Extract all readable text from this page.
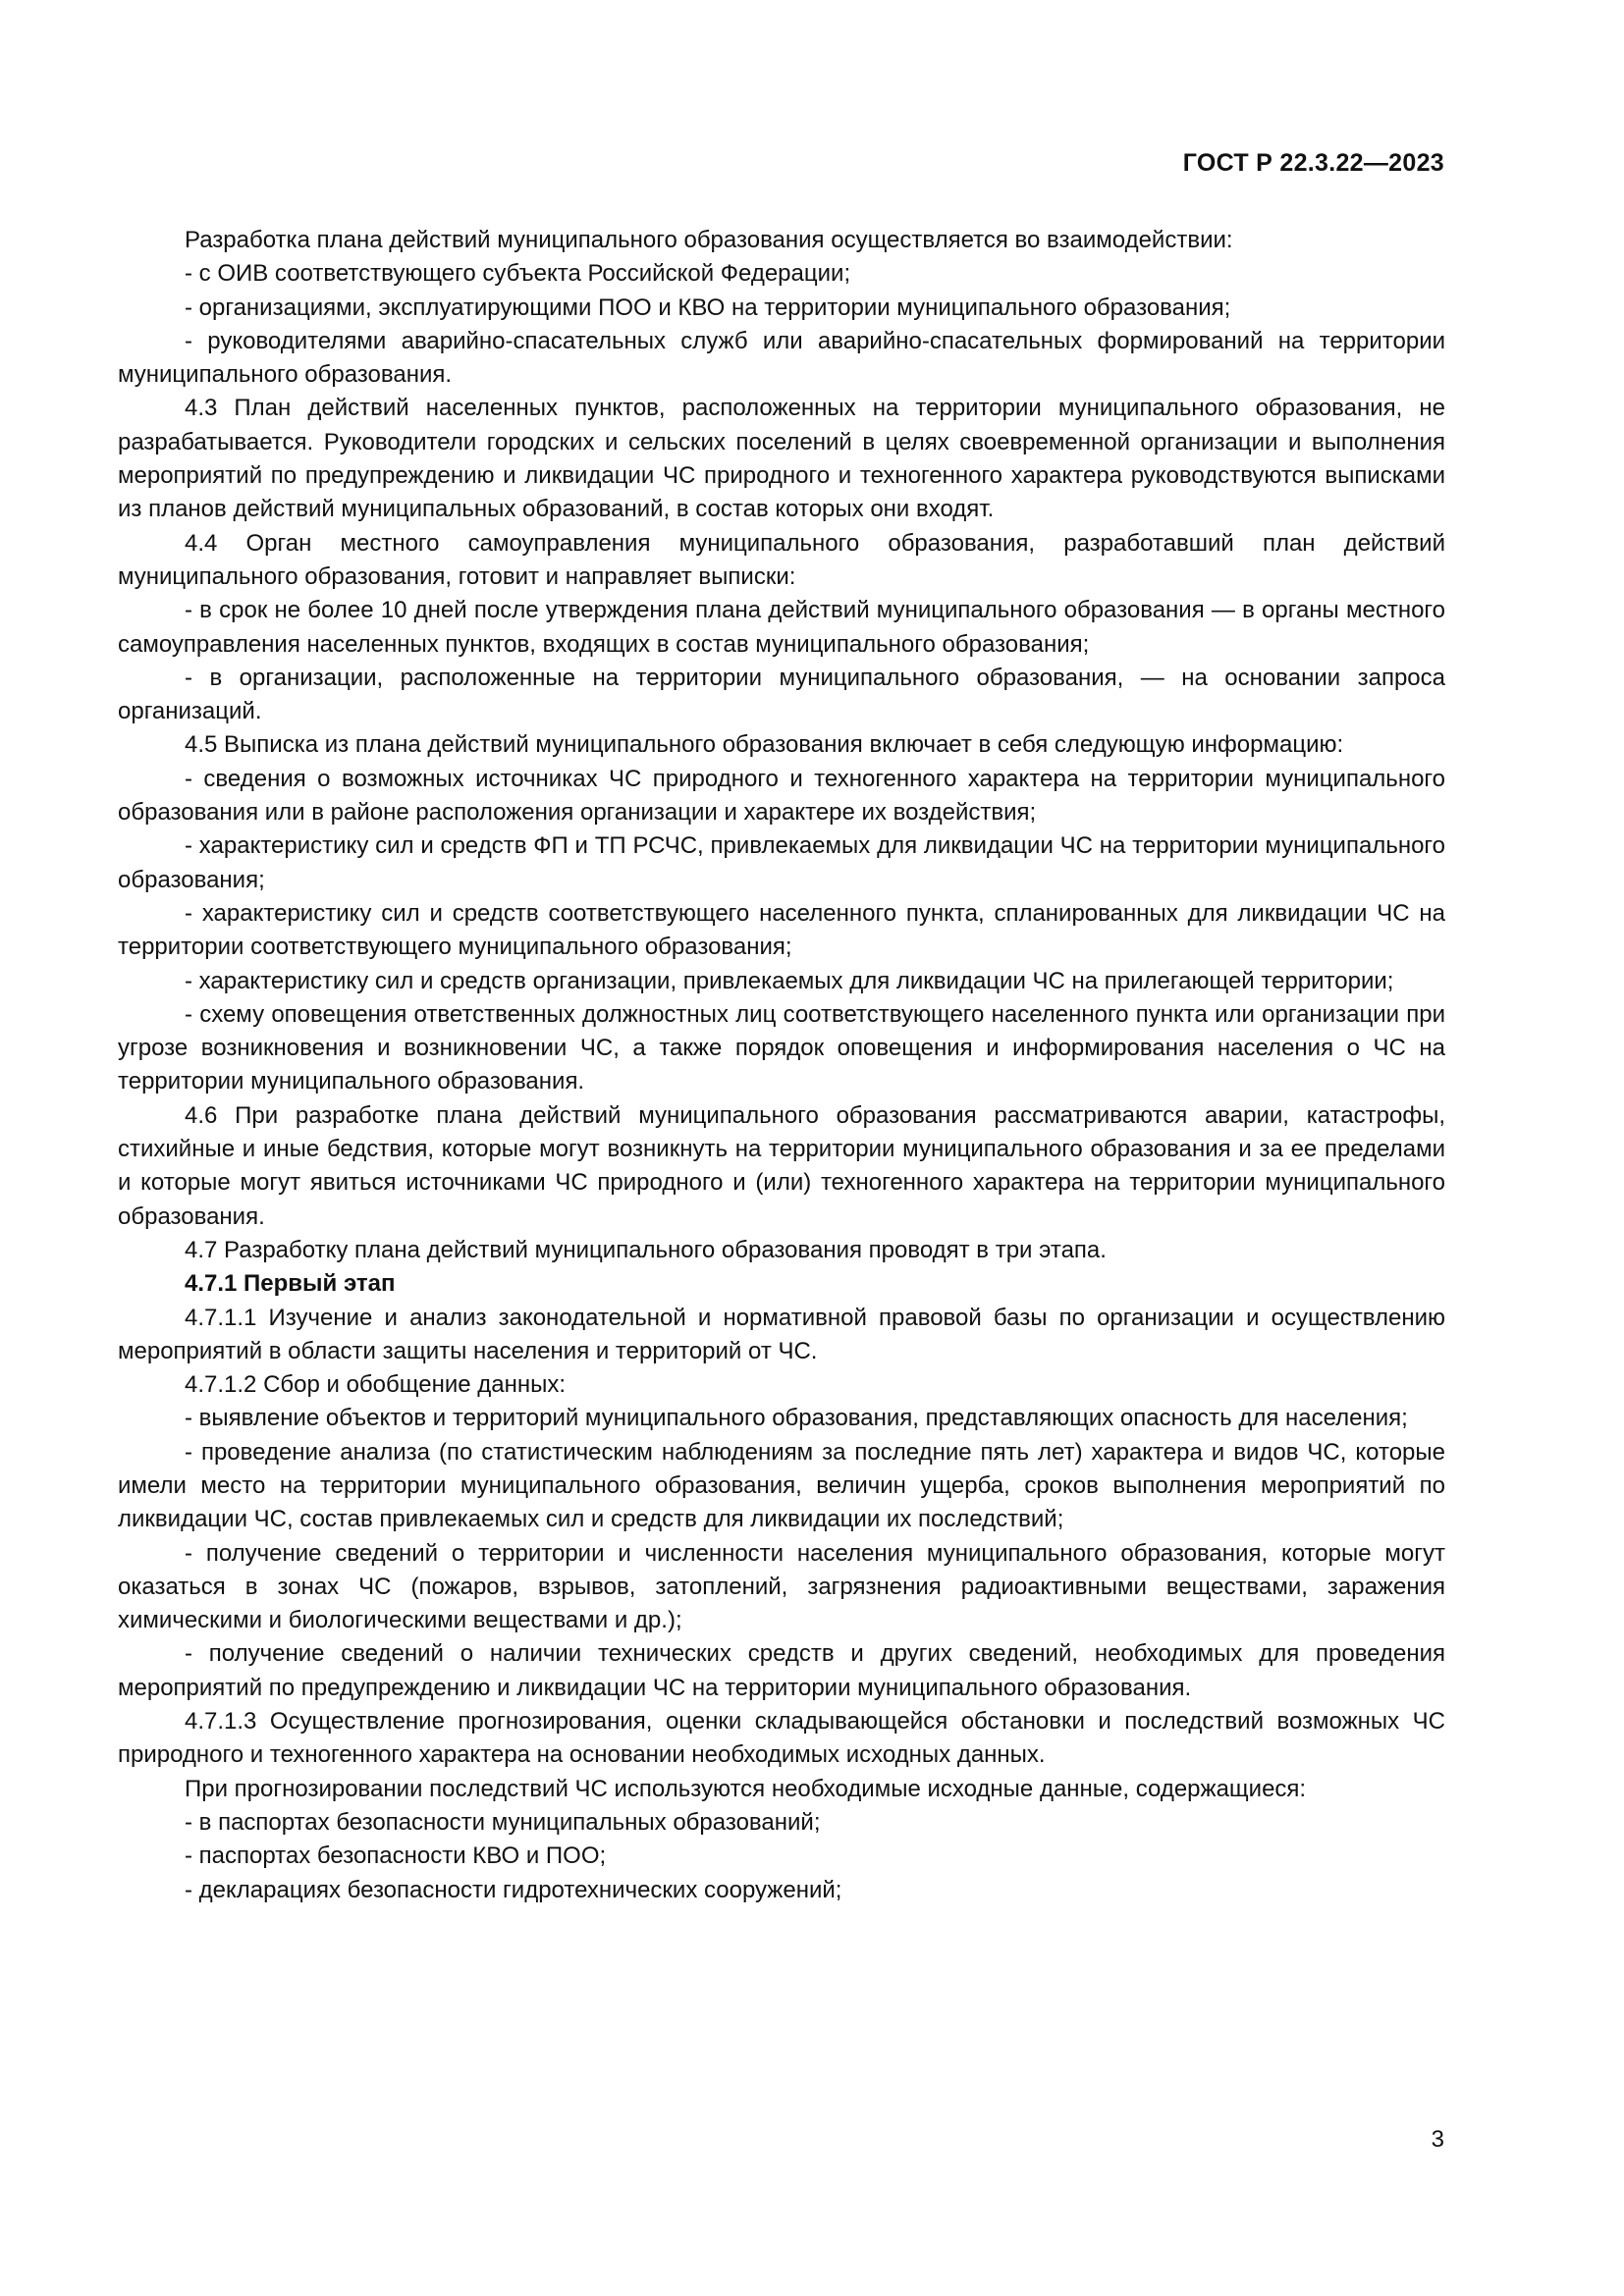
ГОСТ Р 22.3.22—2023

Разработка плана действий муниципального образования осуществляется во взаимодействии:

- с ОИВ соответствующего субъекта Российской Федерации;

- организациями, эксплуатирующими ПОО и КВО на территории муниципального образования;

- руководителями аварийно-спасательных служб или аварийно-спасательных формирований на территории муниципального образования.

4.3 План действий населенных пунктов, расположенных на территории муниципального образования, не разрабатывается. Руководители городских и сельских поселений в целях своевременной организации и выполнения мероприятий по предупреждению и ликвидации ЧС природного и техногенного характера руководствуются выписками из планов действий муниципальных образований, в состав которых они входят.

4.4 Орган местного самоуправления муниципального образования, разработавший план действий муниципального образования, готовит и направляет выписки:

- в срок не более 10 дней после утверждения плана действий муниципального образования — в органы местного самоуправления населенных пунктов, входящих в состав муниципального образования;

- в организации, расположенные на территории муниципального образования, — на основании запроса организаций.

4.5 Выписка из плана действий муниципального образования включает в себя следующую информацию:

- сведения о возможных источниках ЧС природного и техногенного характера на территории муниципального образования или в районе расположения организации и характере их воздействия;

- характеристику сил и средств ФП и ТП РСЧС, привлекаемых для ликвидации ЧС на территории муниципального образования;

- характеристику сил и средств соответствующего населенного пункта, спланированных для ликвидации ЧС на территории соответствующего муниципального образования;

- характеристику сил и средств организации, привлекаемых для ликвидации ЧС на прилегающей территории;

- схему оповещения ответственных должностных лиц соответствующего населенного пункта или организации при угрозе возникновения и возникновении ЧС, а также порядок оповещения и информирования населения о ЧС на территории муниципального образования.

4.6 При разработке плана действий муниципального образования рассматриваются аварии, катастрофы, стихийные и иные бедствия, которые могут возникнуть на территории муниципального образования и за ее пределами и которые могут явиться источниками ЧС природного и (или) техногенного характера на территории муниципального образования.

4.7 Разработку плана действий муниципального образования проводят в три этапа.

4.7.1 Первый этап

4.7.1.1 Изучение и анализ законодательной и нормативной правовой базы по организации и осуществлению мероприятий в области защиты населения и территорий от ЧС.

4.7.1.2 Сбор и обобщение данных:

- выявление объектов и территорий муниципального образования, представляющих опасность для населения;

- проведение анализа (по статистическим наблюдениям за последние пять лет) характера и видов ЧС, которые имели место на территории муниципального образования, величин ущерба, сроков выполнения мероприятий по ликвидации ЧС, состав привлекаемых сил и средств для ликвидации их последствий;

- получение сведений о территории и численности населения муниципального образования, которые могут оказаться в зонах ЧС (пожаров, взрывов, затоплений, загрязнения радиоактивными веществами, заражения химическими и биологическими веществами и др.);

- получение сведений о наличии технических средств и других сведений, необходимых для проведения мероприятий по предупреждению и ликвидации ЧС на территории муниципального образования.

4.7.1.3 Осуществление прогнозирования, оценки складывающейся обстановки и последствий возможных ЧС природного и техногенного характера на основании необходимых исходных данных.

При прогнозировании последствий ЧС используются необходимые исходные данные, содержащиеся:

- в паспортах безопасности муниципальных образований;

- паспортах безопасности КВО и ПОО;

- декларациях безопасности гидротехнических сооружений;

3
